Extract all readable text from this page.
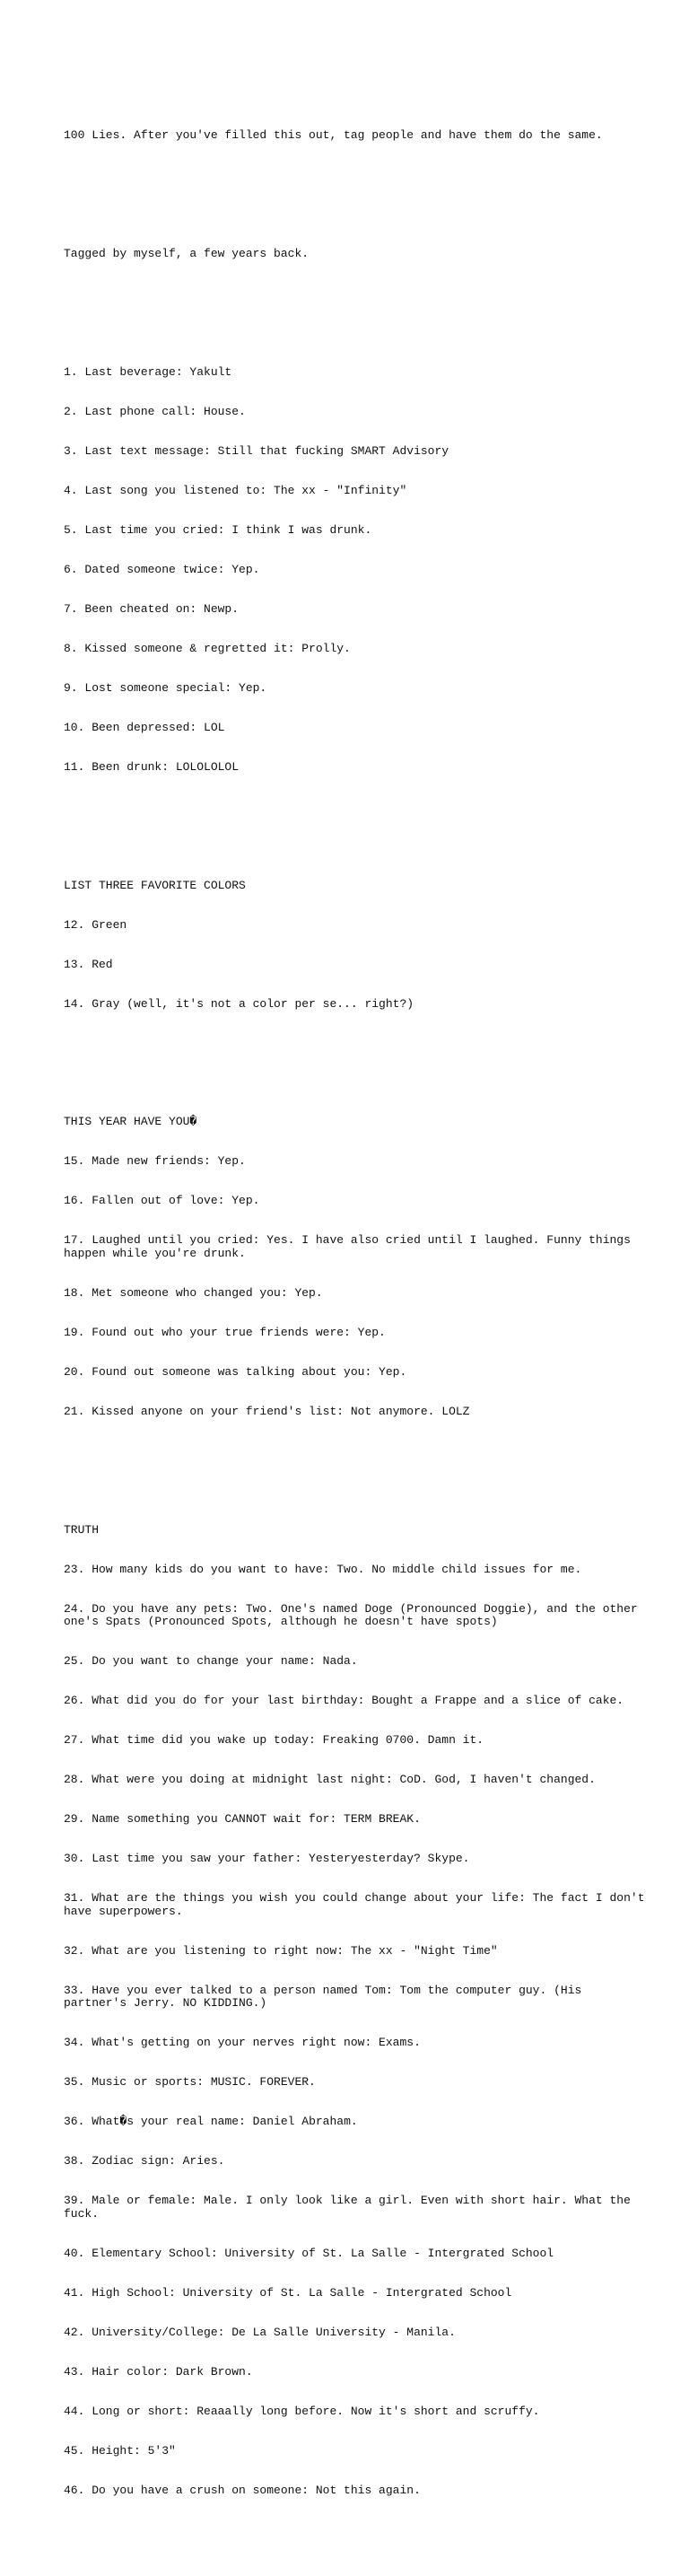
100 Lies. After you've filled this out, tag people and have them do the same.

Tagged by myself, a few years back.

1. Last beverage: Yakult

2. Last phone call: House.

3. Last text message: Still that fucking SMART Advisory

4. Last song you listened to: The xx - "Infinity"

5. Last time you cried: I think I was drunk.

6. Dated someone twice: Yep.

7. Been cheated on: Newp.

8. Kissed someone & regretted it: Prolly.

9. Lost someone special: Yep.

10. Been depressed: LOL

11. Been drunk: LOLOLOLOL

LIST THREE FAVORITE COLORS

12. Green

13. Red

14. Gray (well, it's not a color per se... right?)

THIS YEAR HAVE YOU�

15. Made new friends: Yep.

16. Fallen out of love: Yep.

17. Laughed until you cried: Yes. I have also cried until I laughed. Funny things happen while you're drunk.

18. Met someone who changed you: Yep.

19. Found out who your true friends were: Yep.

20. Found out someone was talking about you: Yep.

21. Kissed anyone on your friend's list: Not anymore. LOLZ

TRUTH

23. How many kids do you want to have: Two. No middle child issues for me.

24. Do you have any pets: Two. One's named Doge (Pronounced Doggie), and the other one's Spats (Pronounced Spots, although he doesn't have spots)

25. Do you want to change your name: Nada.

26. What did you do for your last birthday: Bought a Frappe and a slice of cake.

27. What time did you wake up today: Freaking 0700. Damn it.

28. What were you doing at midnight last night: CoD. God, I haven't changed.

29. Name something you CANNOT wait for: TERM BREAK.

30. Last time you saw your father: Yesteryesterday? Skype.

31. What are the things you wish you could change about your life: The fact I don't have superpowers.

32. What are you listening to right now: The xx - "Night Time"

33. Have you ever talked to a person named Tom: Tom the computer guy. (His partner's Jerry. NO KIDDING.)

34. What's getting on your nerves right now: Exams.

35. Music or sports: MUSIC. FOREVER.

36. What�s your real name: Daniel Abraham.

38. Zodiac sign: Aries.

39. Male or female: Male. I only look like a girl. Even with short hair. What the fuck.

40. Elementary School: University of St. La Salle - Intergrated School

41. High School: University of St. La Salle - Intergrated School

42. University/College: De La Salle University - Manila.

43. Hair color: Dark Brown.

44. Long or short: Reaaally long before. Now it's short and scruffy.

45. Height: 5'3"

46. Do you have a crush on someone: Not this again.
